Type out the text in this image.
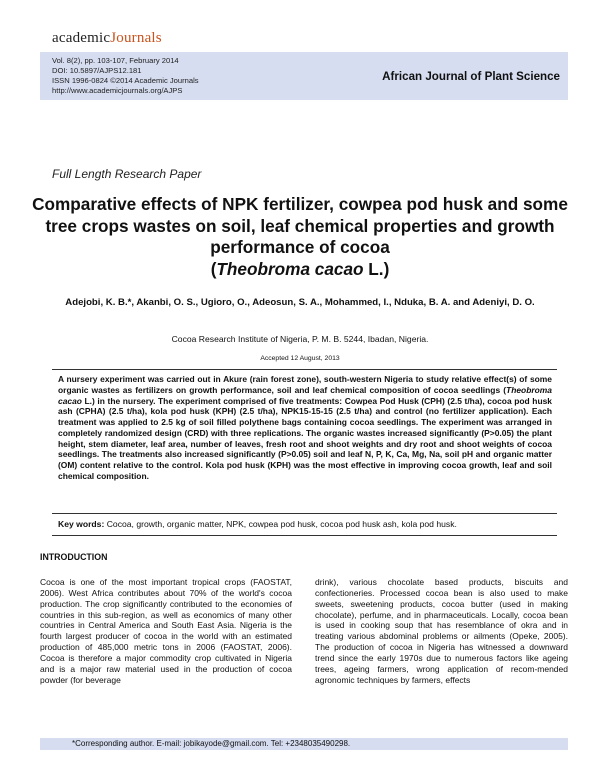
academicJournals
Vol. 8(2), pp. 103-107, February 2014
DOI: 10.5897/AJPS12.181
ISSN 1996-0824 ©2014 Academic Journals
http://www.academicjournals.org/AJPS
African Journal of Plant Science
Full Length Research Paper
Comparative effects of NPK fertilizer, cowpea pod husk and some tree crops wastes on soil, leaf chemical properties and growth performance of cocoa
(Theobroma cacao L.)
Adejobi, K. B.*, Akanbi, O. S., Ugioro, O., Adeosun, S. A., Mohammed, I., Nduka, B. A. and Adeniyi, D. O.
Cocoa Research Institute of Nigeria, P. M. B. 5244, Ibadan, Nigeria.
Accepted 12 August, 2013
A nursery experiment was carried out in Akure (rain forest zone), south-western Nigeria to study relative effect(s) of some organic wastes as fertilizers on growth performance, soil and leaf chemical composition of cocoa seedlings (Theobroma cacao L.) in the nursery. The experiment comprised of five treatments: Cowpea Pod Husk (CPH) (2.5 t/ha), cocoa pod husk ash (CPHA) (2.5 t/ha), kola pod husk (KPH) (2.5 t/ha), NPK15-15-15 (2.5 t/ha) and control (no fertilizer application). Each treatment was applied to 2.5 kg of soil filled polythene bags containing cocoa seedlings. The experiment was arranged in completely randomized design (CRD) with three replications. The organic wastes increased significantly (P>0.05) the plant height, stem diameter, leaf area, number of leaves, fresh root and shoot weights and dry root and shoot weights of cocoa seedlings. The treatments also increased significantly (P>0.05) soil and leaf N, P, K, Ca, Mg, Na, soil pH and organic matter (OM) content relative to the control. Kola pod husk (KPH) was the most effective in improving cocoa growth, leaf and soil chemical composition.
Key words: Cocoa, growth, organic matter, NPK, cowpea pod husk, cocoa pod husk ash, kola pod husk.
INTRODUCTION
Cocoa is one of the most important tropical crops (FAOSTAT, 2006). West Africa contributes about 70% of the world's cocoa production. The crop significantly contributed to the economies of countries in this sub-region, as well as economics of many other countries in Central America and South East Asia. Nigeria is the fourth largest producer of cocoa in the world with an estimated production of 485,000 metric tons in 2006 (FAOSTAT, 2006). Cocoa is therefore a major commodity crop cultivated in Nigeria and is a major raw material used in the production of cocoa powder (for beverage
drink), various chocolate based products, biscuits and confectioneries. Processed cocoa bean is also used to make sweets, sweetening products, cocoa butter (used in making chocolate), perfume, and in pharmaceuticals. Locally, cocoa bean is used in cooking soup that has resemblance of okra and in treating various abdominal problems or ailments (Opeke, 2005). The production of cocoa in Nigeria has witnessed a downward trend since the early 1970s due to numerous factors like ageing trees, ageing farmers, wrong application of recom-mended agronomic techniques by farmers, effects
*Corresponding author. E-mail: jobikayode@gmail.com. Tel: +2348035490298.
